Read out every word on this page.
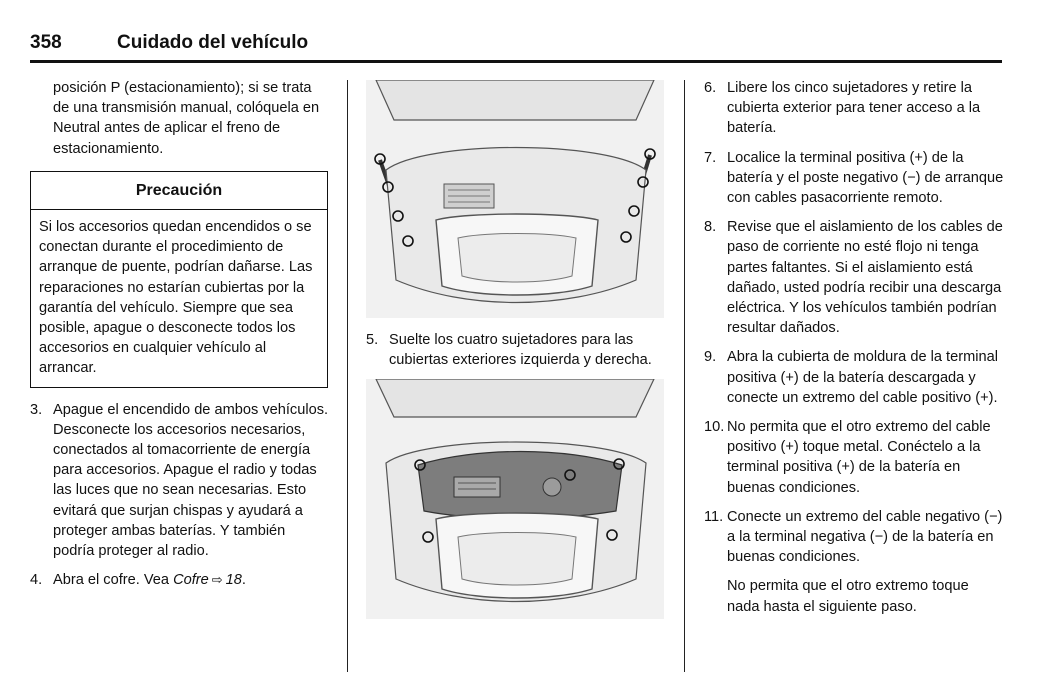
358	Cuidado del vehículo

posición P (estacionamiento); si se trata de una transmisión manual, colóquela en Neutral antes de aplicar el freno de estacionamiento.

Precaución
Si los accesorios quedan encendidos o se conectan durante el procedimiento de arranque de puente, podrían dañarse. Las reparaciones no estarían cubiertas por la garantía del vehículo. Siempre que sea posible, apague o desconecte todos los accesorios en cualquier vehículo al arrancar.
3. Apague el encendido de ambos vehículos. Desconecte los accesorios necesarios, conectados al tomacorriente de energía para accesorios. Apague el radio y todas las luces que no sean necesarias. Esto evitará que surjan chispas y ayudará a proteger ambas baterías. Y también podría proteger al radio.
4. Abra el cofre. Vea Cofre ⇨ 18.
5. Suelte los cuatro sujetadores para las cubiertas exteriores izquierda y derecha.
6. Libere los cinco sujetadores y retire la cubierta exterior para tener acceso a la batería.
7. Localice la terminal positiva (+) de la batería y el poste negativo (−) de arranque con cables pasacorriente remoto.
8. Revise que el aislamiento de los cables de paso de corriente no esté flojo ni tenga partes faltantes. Si el aislamiento está dañado, usted podría recibir una descarga eléctrica. Y los vehículos también podrían resultar dañados.
9. Abra la cubierta de moldura de la terminal positiva (+) de la batería descargada y conecte un extremo del cable positivo (+).
10. No permita que el otro extremo del cable positivo (+) toque metal. Conéctelo a la terminal positiva (+) de la batería en buenas condiciones.
11. Conecte un extremo del cable negativo (−) a la terminal negativa (−) de la batería en buenas condiciones.

No permita que el otro extremo toque nada hasta el siguiente paso.
